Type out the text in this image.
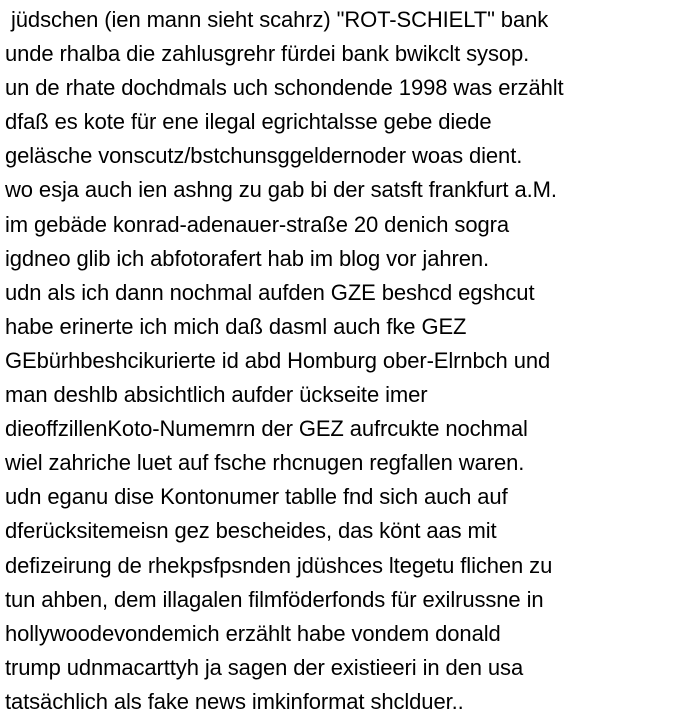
jüdschen (ien mann sieht scahrz) "ROT-SCHIELT" bank
unde rhalba die zahlusgrehr fürdei bank bwikclt sysop.
un de rhate dochdmals uch schondende 1998 was erzählt
dfaß es kote für ene ilegal egrichtalsse gebe diede
geläsche vonscutz/bstchunsggeldernoder woas dient.
wo esja auch ien ashng zu gab bi der satsft frankfurt a.M.
im gebäde konrad-adenauer-straße 20 denich sogra
igdneo glib ich abfotorafert hab im blog vor jahren.
udn als ich dann nochmal aufden GZE beshcd egshcut
habe erinerte ich mich daß dasml auch fke GEZ
GEbürhbeshcikurierte id abd Homburg ober-Elrnbch und
man deshlb absichtlich aufder ückseite imer
dieoffzillenKoto-Numemrn der GEZ aufrcukte nochmal
wiel zahriche luet auf fsche rhcnugen regfallen waren.
udn eganu dise Kontonumer tablle fnd sich auch auf
dferücksitemeisn gez bescheides, das könt aas mit
defizeirung de rhekpsfpsnden jdüshces ltegetu flichen zu
tun ahben, dem illagalen filmföderfonds für exilrussne in
hollywoodevondemich erzählt habe vondem donald
trump udnmacarttyh ja sagen der existieeri in den usa
tatsächlich als fake news imkinformat shclduer..
